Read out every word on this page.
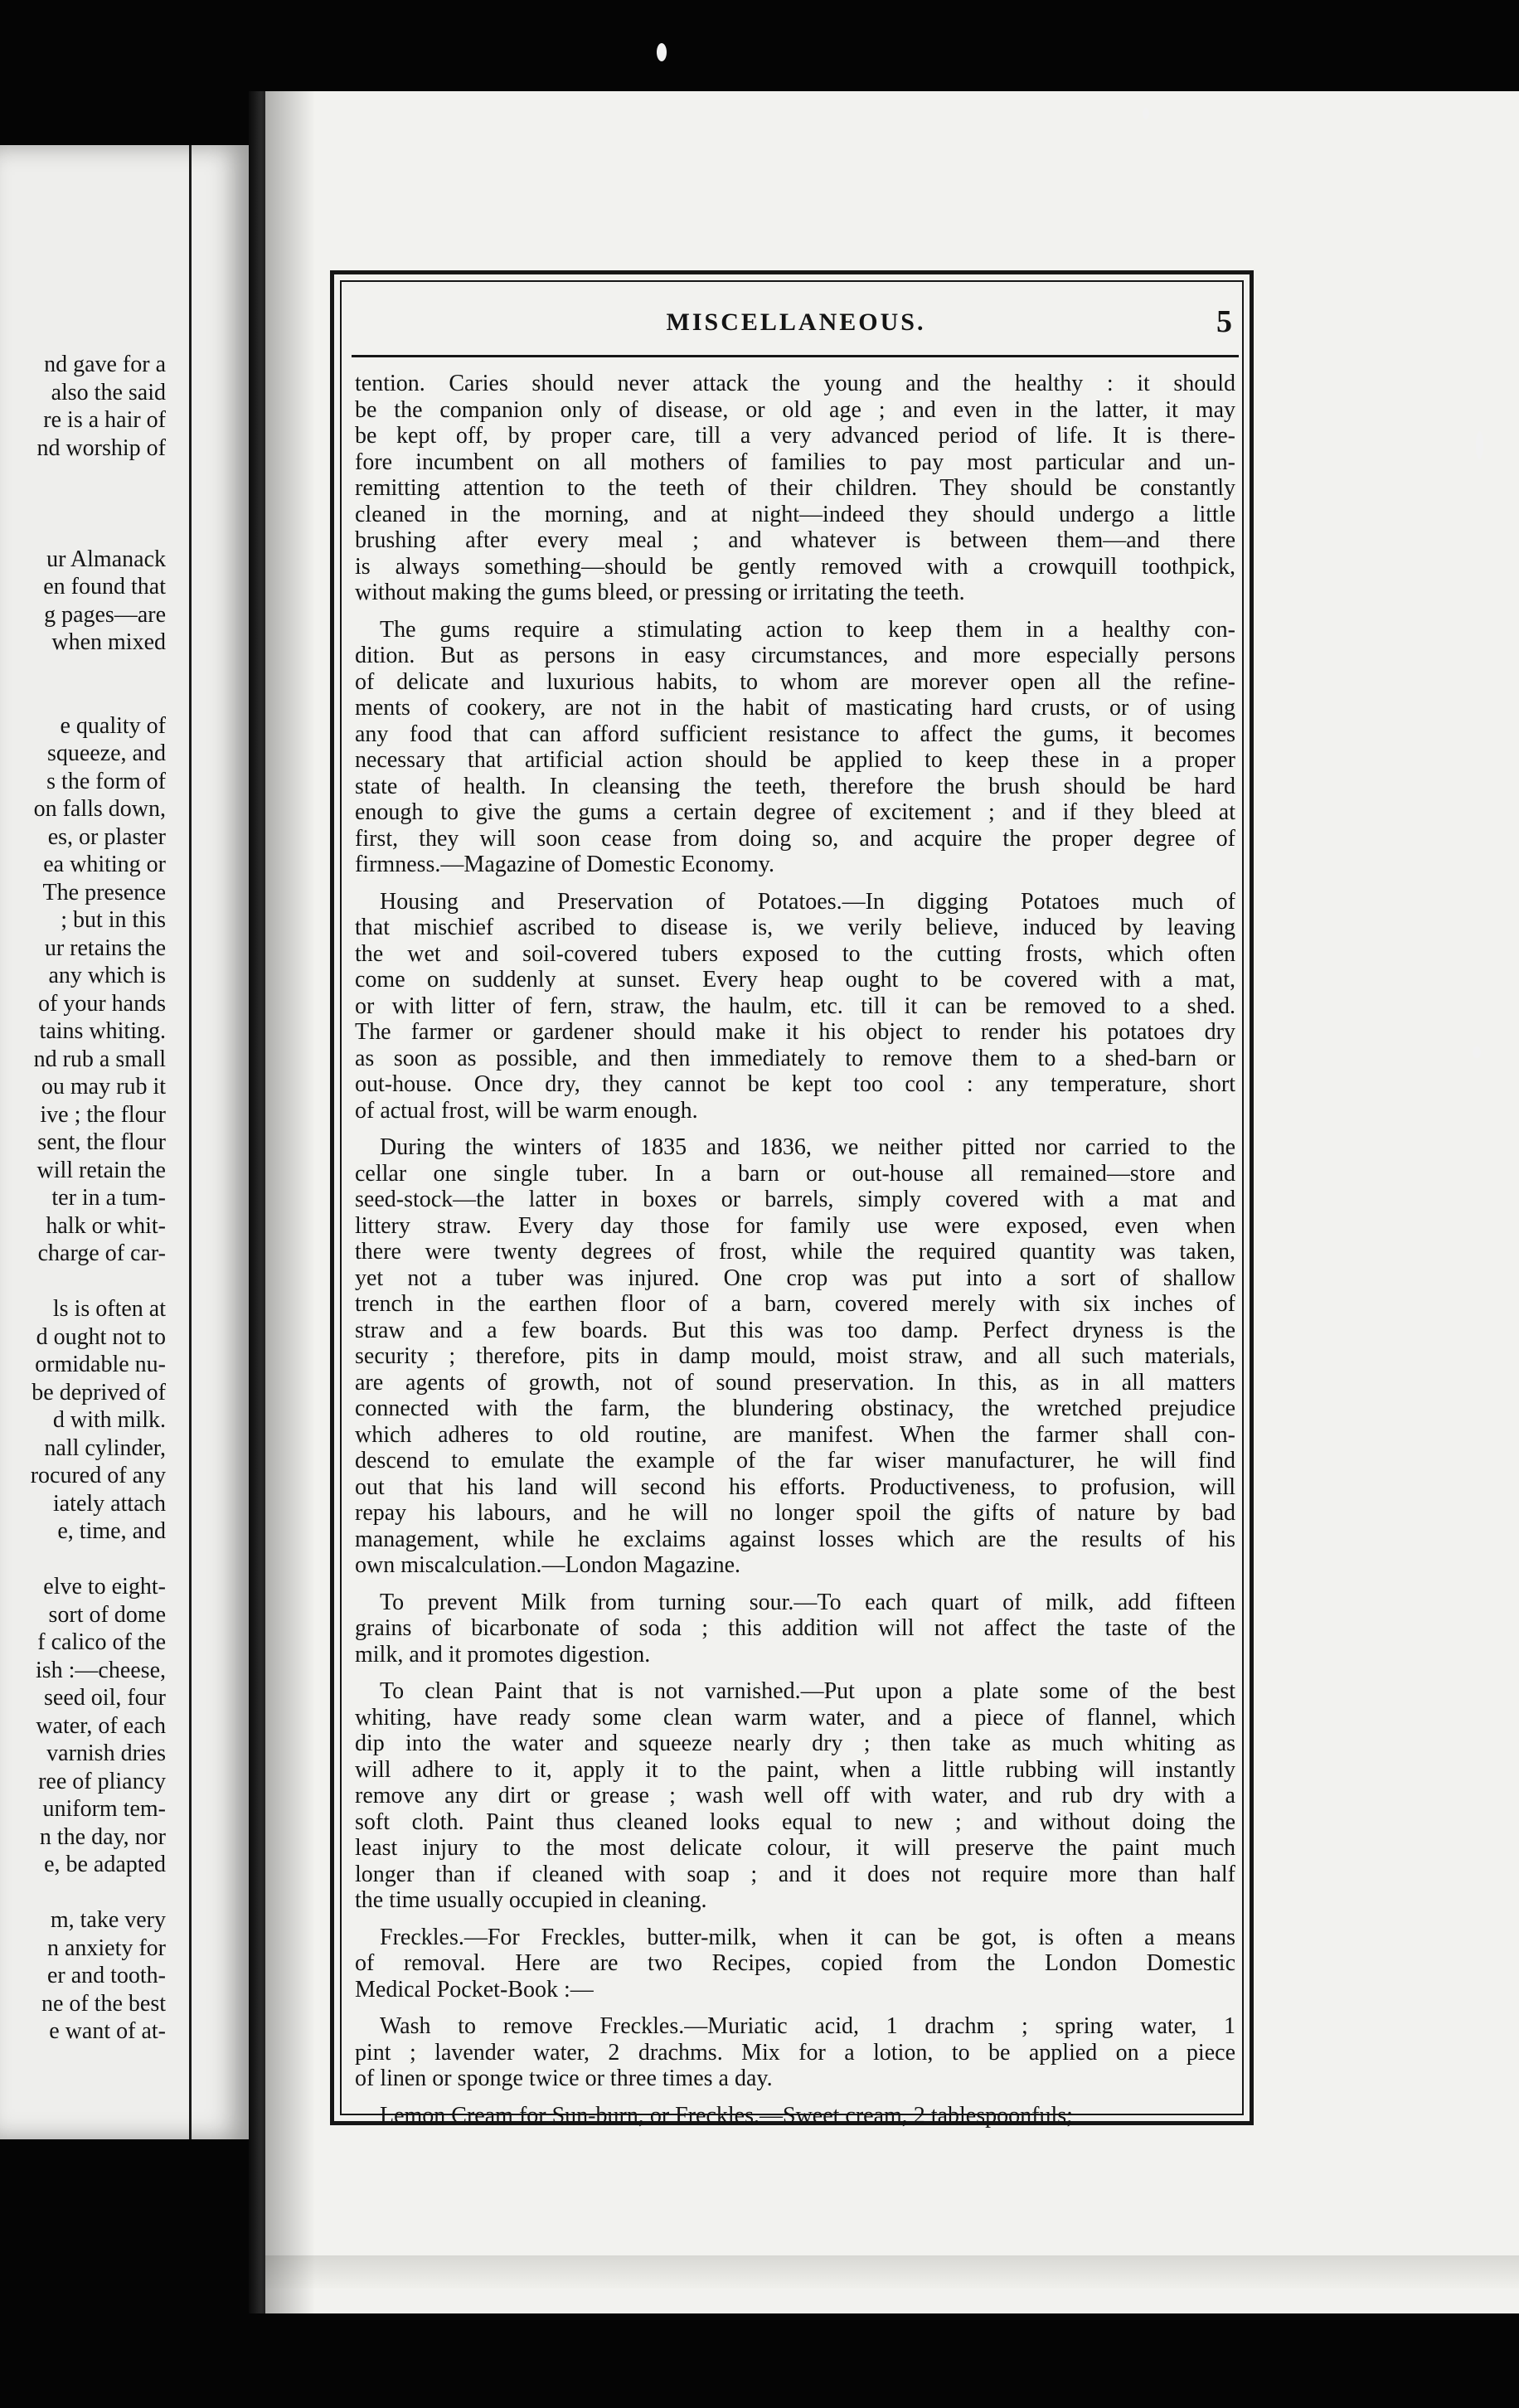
nd gave for a
also the said
re is a hair of
nd worship of
ur Almanack
en found that
g pages—are
when mixed
e quality of
squeeze, and
s the form of
on falls down,
es, or plaster
ea whiting or
The presence
; but in this
ur retains the
any which is
of your hands
tains whiting.
nd rub a small
ou may rub it
ive ; the flour
sent, the flour
will retain the
ter in a tum-
halk or whit-
charge of car-
ls is often at
d ought not to
ormidable nu-
be deprived of
d with milk.
nall cylinder,
rocured of any
iately attach
e, time, and
elve to eight-
sort of dome
f calico of the
ish :—cheese,
seed oil, four
water, of each
varnish dries
ree of pliancy
uniform tem-
n the day, nor
e, be adapted
m, take very
n anxiety for
er and tooth-
ne of the best
e want of at-
MISCELLANEOUS.	5
tention. Caries should never attack the young and the healthy : it should
be the companion only of disease, or old age ; and even in the latter, it may
be kept off, by proper care, till a very advanced period of life. It is there-
fore incumbent on all mothers of families to pay most particular and un-
remitting attention to the teeth of their children. They should be constantly
cleaned in the morning, and at night—indeed they should undergo a little
brushing after every meal ; and whatever is between them—and there
is always something—should be gently removed with a crowquill toothpick,
without making the gums bleed, or pressing or irritating the teeth.
The gums require a stimulating action to keep them in a healthy con-
dition. But as persons in easy circumstances, and more especially persons
of delicate and luxurious habits, to whom are morever open all the refine-
ments of cookery, are not in the habit of masticating hard crusts, or of using
any food that can afford sufficient resistance to affect the gums, it becomes
necessary that artificial action should be applied to keep these in a proper
state of health. In cleansing the teeth, therefore the brush should be hard
enough to give the gums a certain degree of excitement ; and if they bleed at
first, they will soon cease from doing so, and acquire the proper degree of
firmness.—Magazine of Domestic Economy.
Housing and Preservation of Potatoes.—In digging Potatoes much of
that mischief ascribed to disease is, we verily believe, induced by leaving
the wet and soil-covered tubers exposed to the cutting frosts, which often
come on suddenly at sunset. Every heap ought to be covered with a mat,
or with litter of fern, straw, the haulm, etc. till it can be removed to a shed.
The farmer or gardener should make it his object to render his potatoes dry
as soon as possible, and then immediately to remove them to a shed-barn or
out-house. Once dry, they cannot be kept too cool : any temperature, short
of actual frost, will be warm enough.
During the winters of 1835 and 1836, we neither pitted nor carried to the
cellar one single tuber. In a barn or out-house all remained—store and
seed-stock—the latter in boxes or barrels, simply covered with a mat and
littery straw. Every day those for family use were exposed, even when
there were twenty degrees of frost, while the required quantity was taken,
yet not a tuber was injured. One crop was put into a sort of shallow
trench in the earthen floor of a barn, covered merely with six inches of
straw and a few boards. But this was too damp. Perfect dryness is the
security ; therefore, pits in damp mould, moist straw, and all such materials,
are agents of growth, not of sound preservation. In this, as in all matters
connected with the farm, the blundering obstinacy, the wretched prejudice
which adheres to old routine, are manifest. When the farmer shall con-
descend to emulate the example of the far wiser manufacturer, he will find
out that his land will second his efforts. Productiveness, to profusion, will
repay his labours, and he will no longer spoil the gifts of nature by bad
management, while he exclaims against losses which are the results of his
own miscalculation.—London Magazine.
To prevent Milk from turning sour.—To each quart of milk, add fifteen
grains of bicarbonate of soda ; this addition will not affect the taste of the
milk, and it promotes digestion.
To clean Paint that is not varnished.—Put upon a plate some of the best
whiting, have ready some clean warm water, and a piece of flannel, which
dip into the water and squeeze nearly dry ; then take as much whiting as
will adhere to it, apply it to the paint, when a little rubbing will instantly
remove any dirt or grease ; wash well off with water, and rub dry with a
soft cloth. Paint thus cleaned looks equal to new ; and without doing the
least injury to the most delicate colour, it will preserve the paint much
longer than if cleaned with soap ; and it does not require more than half
the time usually occupied in cleaning.
Freckles.—For Freckles, butter-milk, when it can be got, is often a means
of removal. Here are two Recipes, copied from the London Domestic
Medical Pocket-Book :—
Wash to remove Freckles.—Muriatic acid, 1 drachm ; spring water, 1
pint ; lavender water, 2 drachms. Mix for a lotion, to be applied on a piece
of linen or sponge twice or three times a day.
Lemon Cream for Sun-burn, or Freckles.—Sweet cream, 2 tablespoonfuls;
